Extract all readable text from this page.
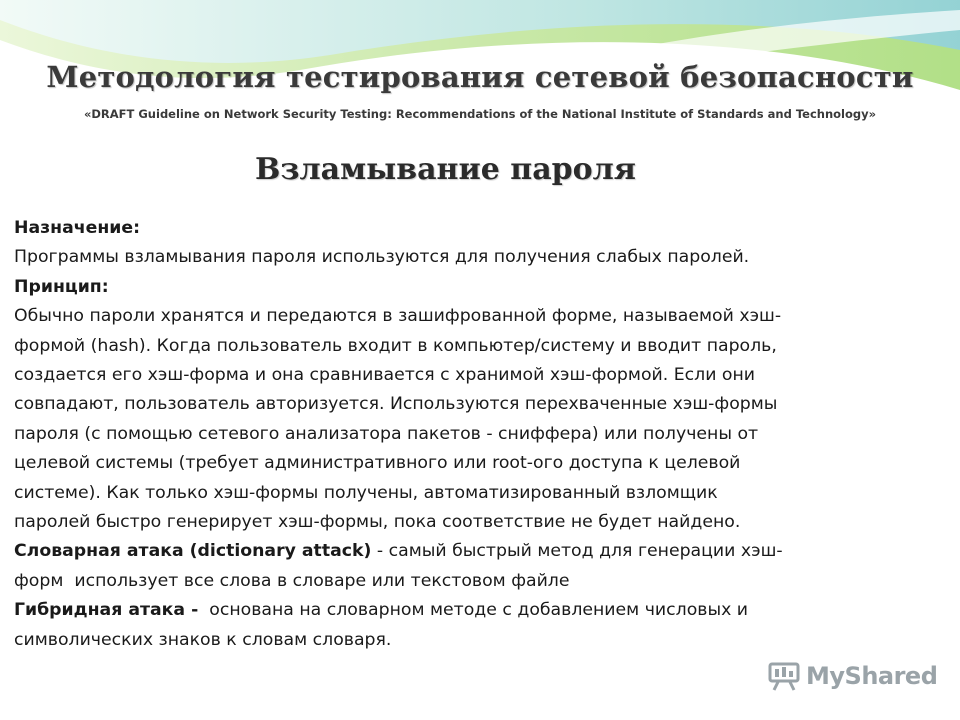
Методология тестирования сетевой безопасности
«DRAFT Guideline on Network Security Testing: Recommendations of the National Institute of Standards and Technology»
Взламывание пароля

Назначение:

Программы взламывания пароля используются для получения слабых паролей.

Принцип:

Обычно пароли хранятся и передаются в зашифрованной форме, называемой хэш-

формой (hash). Когда пользователь входит в компьютер/систему и вводит пароль,

создается его хэш-форма и она сравнивается с хранимой хэш-формой. Если они

совпадают, пользователь авторизуется. Используются перехваченные хэш-формы

пароля (с помощью сетевого анализатора пакетов - сниффера) или получены от

целевой системы (требует административного или root-ого доступа к целевой

системе). Как только хэш-формы получены, автоматизированный взломщик

паролей быстро генерирует хэш-формы, пока соответствие не будет найдено.

Словарная атака (dictionary attack) - самый быстрый метод для генерации хэш-

форм  использует все слова в словаре или текстовом файле

Гибридная атака -  основана на словарном методе с добавлением числовых и

символических знаков к словам словаря.

MyShared
